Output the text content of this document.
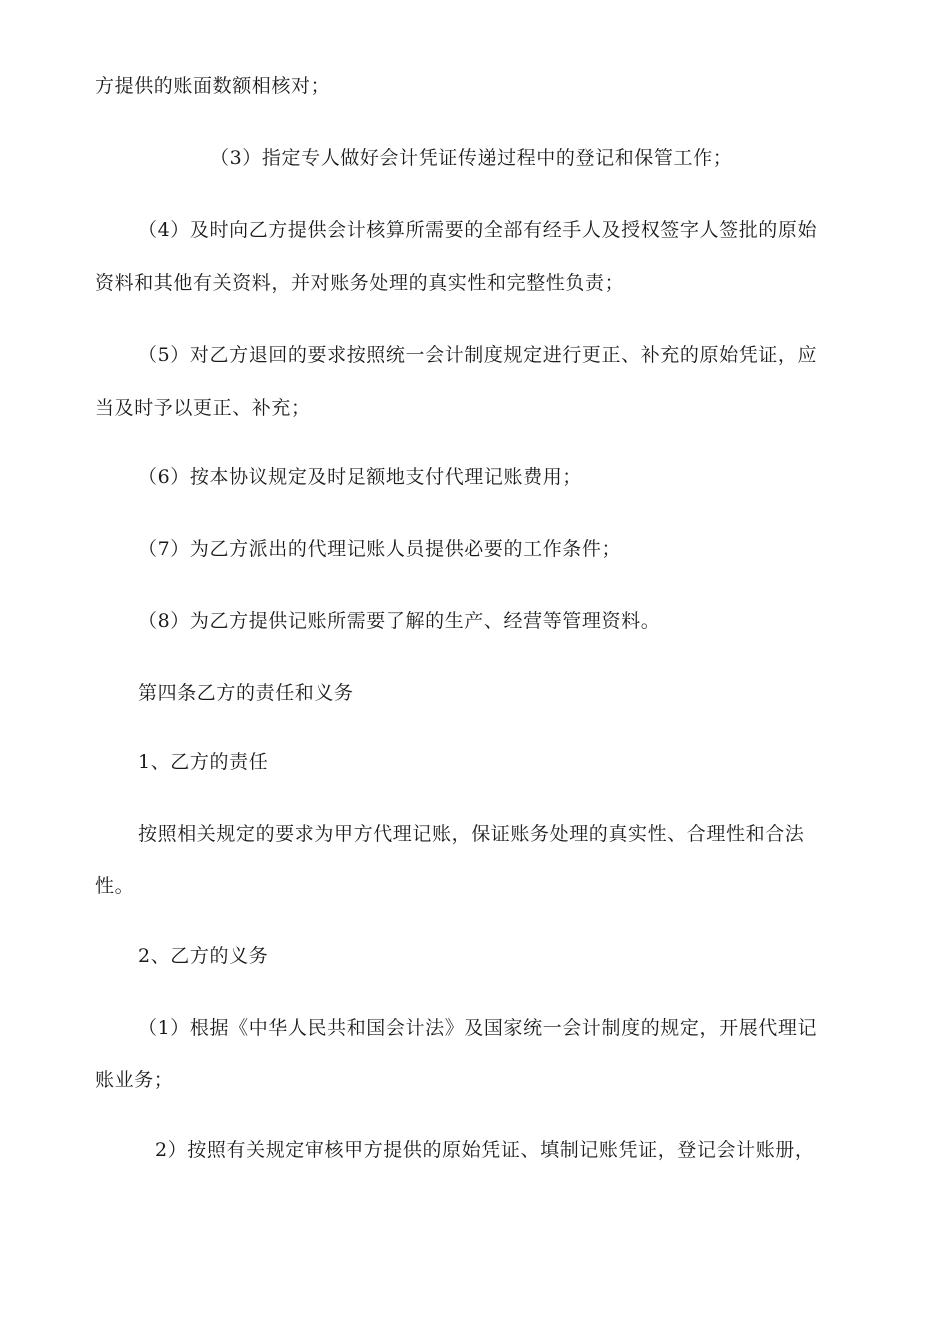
方提供的账面数额相核对；
（3）指定专人做好会计凭证传递过程中的登记和保管工作；
（4）及时向乙方提供会计核算所需要的全部有经手人及授权签字人签批的原始
资料和其他有关资料，并对账务处理的真实性和完整性负责；
（5）对乙方退回的要求按照统一会计制度规定进行更正、补充的原始凭证，应
当及时予以更正、补充；
（6）按本协议规定及时足额地支付代理记账费用；
（7）为乙方派出的代理记账人员提供必要的工作条件；
（8）为乙方提供记账所需要了解的生产、经营等管理资料。
第四条乙方的责任和义务
1、乙方的责任
按照相关规定的要求为甲方代理记账，保证账务处理的真实性、合理性和合法
性。
2、乙方的义务
（1）根据《中华人民共和国会计法》及国家统一会计制度的规定，开展代理记
账业务；
2）按照有关规定审核甲方提供的原始凭证、填制记账凭证，登记会计账册，
